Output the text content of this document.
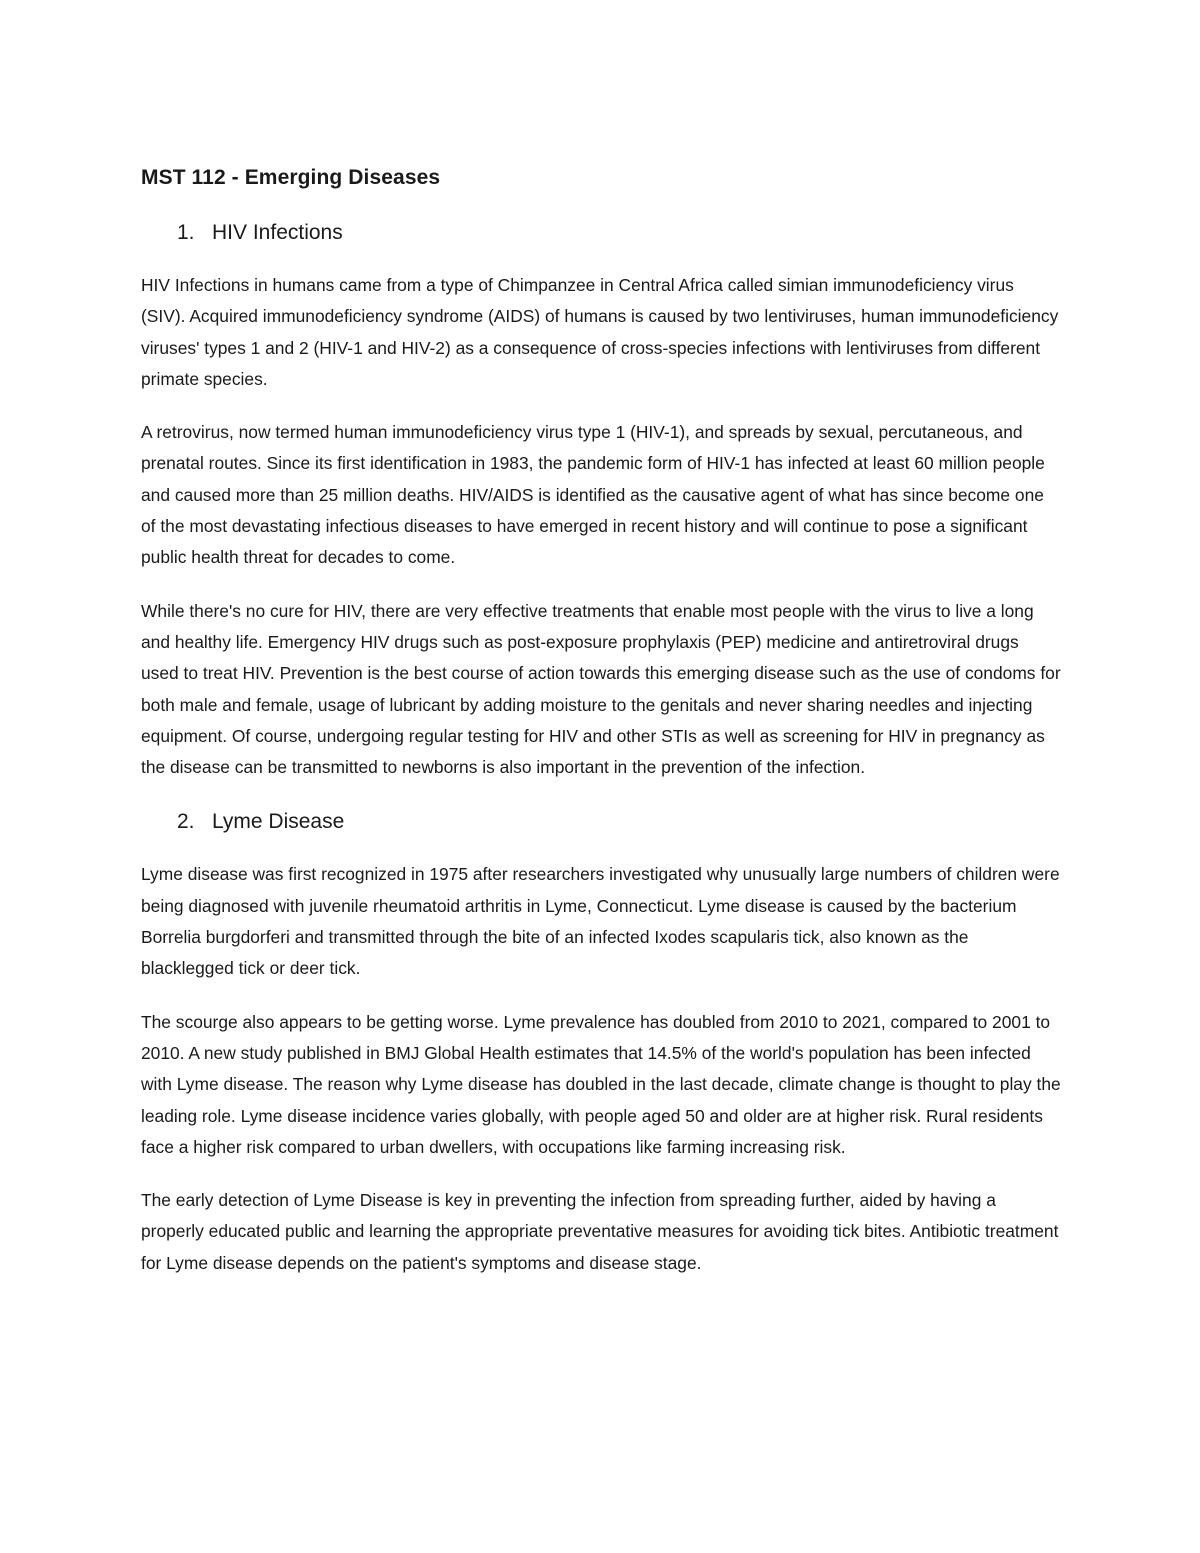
MST 112 - Emerging Diseases
1. HIV Infections

HIV Infections in humans came from a type of Chimpanzee in Central Africa called simian immunodeficiency virus (SIV). Acquired immunodeficiency syndrome (AIDS) of humans is caused by two lentiviruses, human immunodeficiency viruses' types 1 and 2 (HIV-1 and HIV-2) as a consequence of cross-species infections with lentiviruses from different primate species.

A retrovirus, now termed human immunodeficiency virus type 1 (HIV-1), and spreads by sexual, percutaneous, and prenatal routes. Since its first identification in 1983, the pandemic form of HIV-1 has infected at least 60 million people and caused more than 25 million deaths. HIV/AIDS is identified as the causative agent of what has since become one of the most devastating infectious diseases to have emerged in recent history and will continue to pose a significant public health threat for decades to come.

While there's no cure for HIV, there are very effective treatments that enable most people with the virus to live a long and healthy life. Emergency HIV drugs such as post-exposure prophylaxis (PEP) medicine and antiretroviral drugs used to treat HIV. Prevention is the best course of action towards this emerging disease such as the use of condoms for both male and female, usage of lubricant by adding moisture to the genitals and never sharing needles and injecting equipment. Of course, undergoing regular testing for HIV and other STIs as well as screening for HIV in pregnancy as the disease can be transmitted to newborns is also important in the prevention of the infection.

2. Lyme Disease

Lyme disease was first recognized in 1975 after researchers investigated why unusually large numbers of children were being diagnosed with juvenile rheumatoid arthritis in Lyme, Connecticut. Lyme disease is caused by the bacterium Borrelia burgdorferi and transmitted through the bite of an infected Ixodes scapularis tick, also known as the blacklegged tick or deer tick.

The scourge also appears to be getting worse. Lyme prevalence has doubled from 2010 to 2021, compared to 2001 to 2010. A new study published in BMJ Global Health estimates that 14.5% of the world's population has been infected with Lyme disease. The reason why Lyme disease has doubled in the last decade, climate change is thought to play the leading role. Lyme disease incidence varies globally, with people aged 50 and older are at higher risk. Rural residents face a higher risk compared to urban dwellers, with occupations like farming increasing risk.

The early detection of Lyme Disease is key in preventing the infection from spreading further, aided by having a properly educated public and learning the appropriate preventative measures for avoiding tick bites. Antibiotic treatment for Lyme disease depends on the patient's symptoms and disease stage.
